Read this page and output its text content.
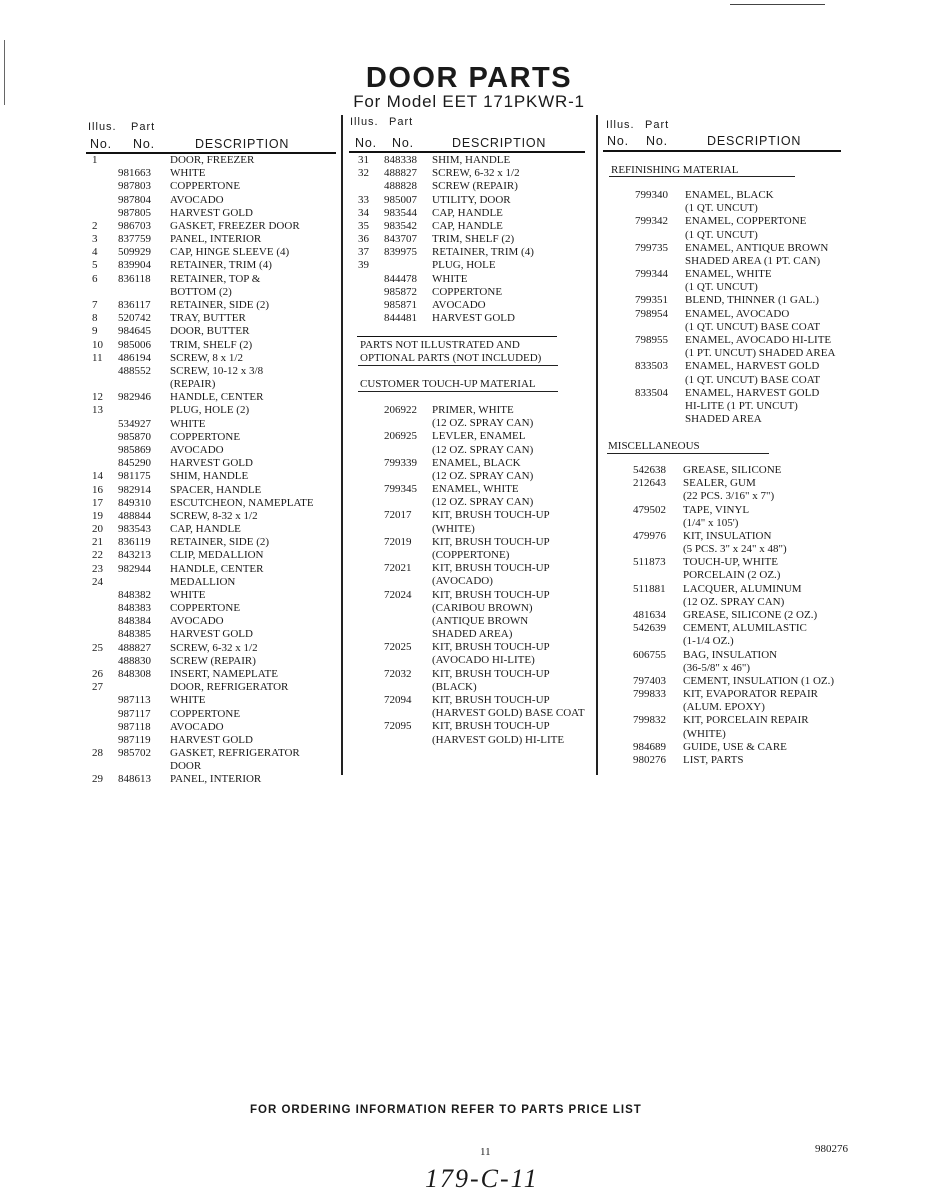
DOOR PARTS
For Model EET 171PKWR-1
Illus. Part
No. No.	DESCRIPTION
1	DOOR, FREEZER
981663 WHITE
987803 COPPERTONE
987804 AVOCADO
987805 HARVEST GOLD
2 986703 GASKET, FREEZER DOOR
3 837759 PANEL, INTERIOR
4 509929 CAP, HINGE SLEEVE (4)
5 839904 RETAINER, TRIM (4)
6 836118 RETAINER, TOP &
BOTTOM (2)
7 836117 RETAINER, SIDE (2)
8 520742 TRAY, BUTTER
9 984645 DOOR, BUTTER
10 985006 TRIM, SHELF (2)
11 486194 SCREW, 8 x 1/2
488552 SCREW, 10-12 x 3/8
(REPAIR)
12 982946 HANDLE, CENTER
13	PLUG, HOLE (2)
534927 WHITE
985870 COPPERTONE
985869 AVOCADO
845290 HARVEST GOLD
14 981175 SHIM, HANDLE
16 982914 SPACER, HANDLE
17 849310 ESCUTCHEON, NAMEPLATE
19 488844 SCREW, 8-32 x 1/2
20 983543 CAP, HANDLE
21 836119 RETAINER, SIDE (2)
22 843213 CLIP, MEDALLION
23 982944 HANDLE, CENTER
24	MEDALLION
848382 WHITE
848383 COPPERTONE
848384 AVOCADO
848385 HARVEST GOLD
25 488827 SCREW, 6-32 x 1/2
488830 SCREW (REPAIR)
26 848308 INSERT, NAMEPLATE
27	DOOR, REFRIGERATOR
987113 WHITE
987117 COPPERTONE
987118 AVOCADO
987119 HARVEST GOLD
28 985702 GASKET, REFRIGERATOR
DOOR
29 848613 PANEL, INTERIOR
Illus. Part
No. No.	DESCRIPTION
31 848338 SHIM, HANDLE
32 488827 SCREW, 6-32 x 1/2
488828 SCREW (REPAIR)
33 985007 UTILITY, DOOR
34 983544 CAP, HANDLE
35 983542 CAP, HANDLE
36 843707 TRIM, SHELF (2)
37 839975 RETAINER, TRIM (4)
39	PLUG, HOLE
844478 WHITE
985872 COPPERTONE
985871 AVOCADO
844481 HARVEST GOLD
PARTS NOT ILLUSTRATED AND
OPTIONAL PARTS (NOT INCLUDED)
CUSTOMER TOUCH-UP MATERIAL
206922 PRIMER, WHITE
(12 OZ. SPRAY CAN)
206925 LEVLER, ENAMEL
(12 OZ. SPRAY CAN)
799339 ENAMEL, BLACK
(12 OZ. SPRAY CAN)
799345 ENAMEL, WHITE
(12 OZ. SPRAY CAN)
72017 KIT, BRUSH TOUCH-UP
(WHITE)
72019 KIT, BRUSH TOUCH-UP
(COPPERTONE)
72021 KIT, BRUSH TOUCH-UP
(AVOCADO)
72024 KIT, BRUSH TOUCH-UP
(CARIBOU BROWN)
(ANTIQUE BROWN
SHADED AREA)
72025 KIT, BRUSH TOUCH-UP
(AVOCADO HI-LITE)
72032 KIT, BRUSH TOUCH-UP
(BLACK)
72094 KIT, BRUSH TOUCH-UP
(HARVEST GOLD) BASE COAT
72095 KIT, BRUSH TOUCH-UP
(HARVEST GOLD) HI-LITE
Illus. Part
No. No.	DESCRIPTION
REFINISHING MATERIAL
799340 ENAMEL, BLACK
(1 QT. UNCUT)
799342 ENAMEL, COPPERTONE
(1 QT. UNCUT)
799735 ENAMEL, ANTIQUE BROWN
SHADED AREA (1 PT. CAN)
799344 ENAMEL, WHITE
(1 QT. UNCUT)
799351 BLEND, THINNER (1 GAL.)
798954 ENAMEL, AVOCADO
(1 QT. UNCUT) BASE COAT
798955 ENAMEL, AVOCADO HI-LITE
(1 PT. UNCUT) SHADED AREA
833503 ENAMEL, HARVEST GOLD
(1 QT. UNCUT) BASE COAT
833504 ENAMEL, HARVEST GOLD
HI-LITE (1 PT. UNCUT)
SHADED AREA
MISCELLANEOUS
542638 GREASE, SILICONE
212643 SEALER, GUM
(22 PCS. 3/16" x 7")
479502 TAPE, VINYL
(1/4" x 105')
479976 KIT, INSULATION
(5 PCS. 3" x 24" x 48")
511873 TOUCH-UP, WHITE
PORCELAIN (2 OZ.)
511881 LACQUER, ALUMINUM
(12 OZ. SPRAY CAN)
481634 GREASE, SILICONE (2 OZ.)
542639 CEMENT, ALUMILASTIC
(1-1/4 OZ.)
606755 BAG, INSULATION
(36-5/8" x 46")
797403 CEMENT, INSULATION (1 OZ.)
799833 KIT, EVAPORATOR REPAIR
(ALUM. EPOXY)
799832 KIT, PORCELAIN REPAIR
(WHITE)
984689 GUIDE, USE & CARE
980276 LIST, PARTS
FOR ORDERING INFORMATION REFER TO PARTS PRICE LIST
11	980276
179-C-11
